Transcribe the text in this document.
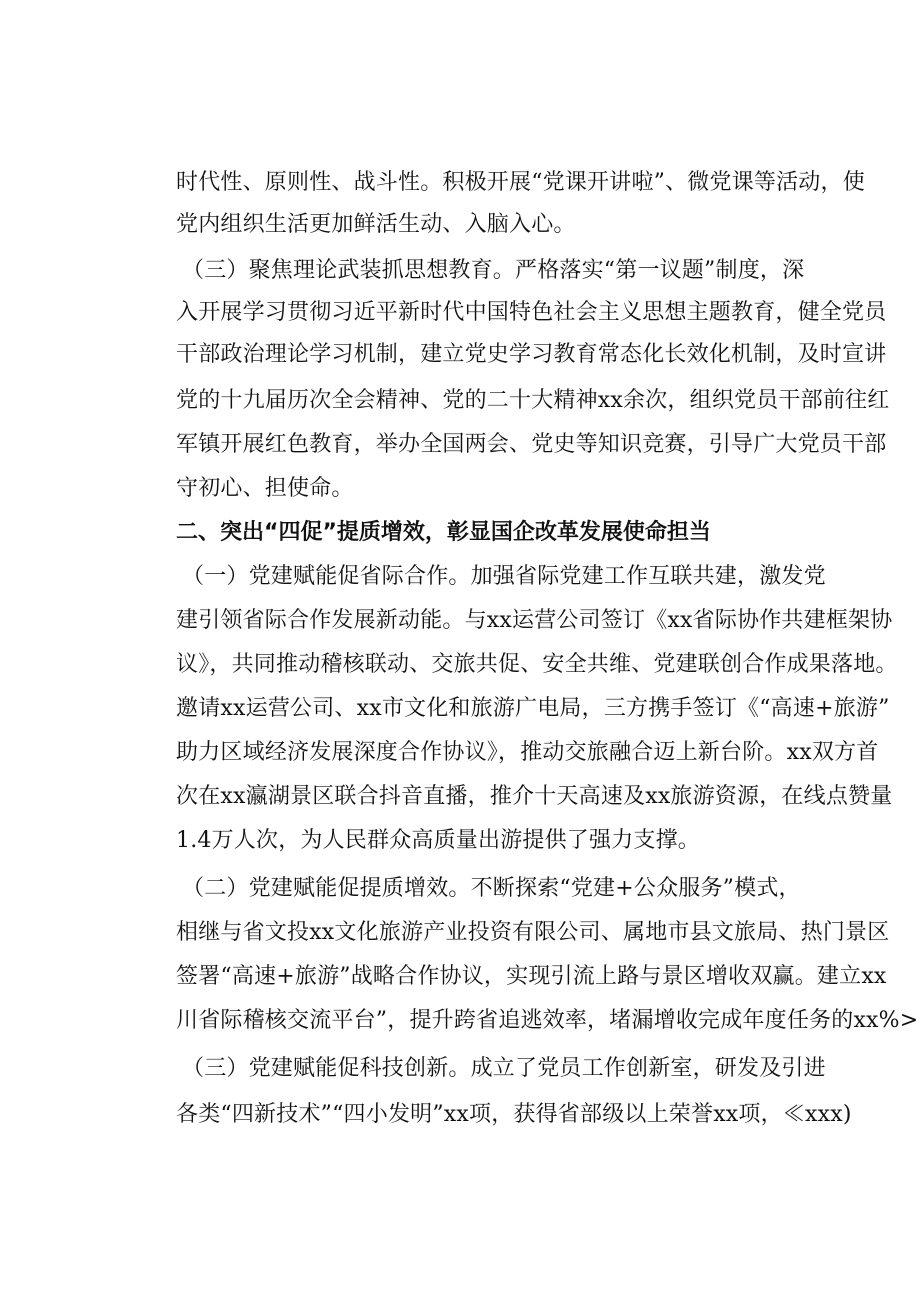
时代性、原则性、战斗性。积极开展“党课开讲啦”、微党课等活动，使
党内组织生活更加鲜活生动、入脑入心。
（三）聚焦理论武装抓思想教育。严格落实“第一议题”制度，深
入开展学习贯彻习近平新时代中国特色社会主义思想主题教育，健全党员
干部政治理论学习机制，建立党史学习教育常态化长效化机制，及时宣讲
党的十九届历次全会精神、党的二十大精神xx余次，组织党员干部前往红
军镇开展红色教育，举办全国两会、党史等知识竞赛，引导广大党员干部
守初心、担使命。
二、突出“四促”提质增效，彰显国企改革发展使命担当
（一）党建赋能促省际合作。加强省际党建工作互联共建，激发党
建引领省际合作发展新动能。与xx运营公司签订《xx省际协作共建框架协
议》，共同推动稽核联动、交旅共促、安全共维、党建联创合作成果落地。
邀请xx运营公司、xx市文化和旅游广电局，三方携手签订《“高速+旅游”
助力区域经济发展深度合作协议》，推动交旅融合迈上新台阶。xx双方首
次在xx瀛湖景区联合抖音直播，推介十天高速及xx旅游资源，在线点赞量
1.4万人次，为人民群众高质量出游提供了强力支撑。
（二）党建赋能促提质增效。不断探索“党建+公众服务”模式，
相继与省文投xx文化旅游产业投资有限公司、属地市县文旅局、热门景区
签署“高速+旅游”战略合作协议，实现引流上路与景区增收双赢。建立xx
川省际稽核交流平台”，提升跨省追逃效率，堵漏增收完成年度任务的xx%>
（三）党建赋能促科技创新。成立了党员工作创新室，研发及引进
各类“四新技术”“四小发明”xx项，获得省部级以上荣誉xx项，≪xxx)
